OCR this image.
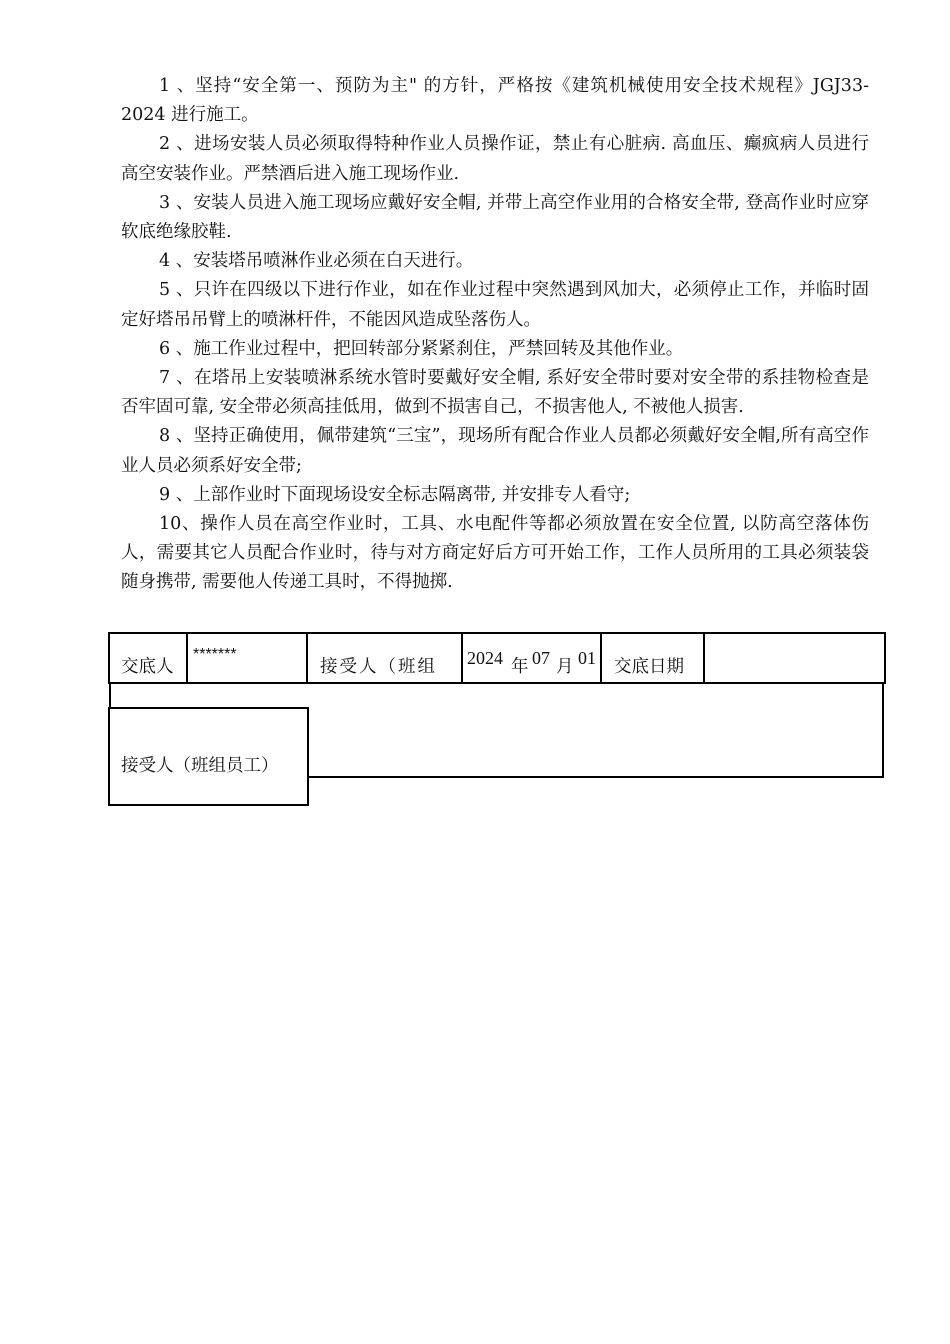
1 、坚持“安全第一、预防为主" 的方针，严格按《建筑机械使用安全技术规程》JGJ33-2024 进行施工。

2 、进场安装人员必须取得特种作业人员操作证，禁止有心脏病. 高血压、癫疯病人员进行高空安装作业。严禁酒后进入施工现场作业.

3 、安装人员进入施工现场应戴好安全帽, 并带上高空作业用的合格安全带, 登高作业时应穿软底绝缘胶鞋.

4 、安装塔吊喷淋作业必须在白天进行。

5 、只许在四级以下进行作业，如在作业过程中突然遇到风加大，必须停止工作，并临时固定好塔吊吊臂上的喷淋杆件，不能因风造成坠落伤人。

6 、施工作业过程中，把回转部分紧紧刹住，严禁回转及其他作业。

7 、在塔吊上安装喷淋系统水管时要戴好安全帽, 系好安全带时要对安全带的系挂物检查是否牢固可靠, 安全带必须高挂低用，做到不损害自己，不损害他人, 不被他人损害.

8 、坚持正确使用，佩带建筑“三宝”，现场所有配合作业人员都必须戴好安全帽,所有高空作业人员必须系好安全带;

9 、上部作业时下面现场设安全标志隔离带, 并安排专人看守;

10、操作人员在高空作业时，工具、水电配件等都必须放置在安全位置, 以防高空落体伤人，需要其它人员配合作业时，待与对方商定好后方可开始工作，工作人员所用的工具必须装袋随身携带, 需要他人传递工具时，不得抛掷.

交底人
*******
接受人（班组 2024 年 07 月 01 交底日期
接受人（班组员工）
